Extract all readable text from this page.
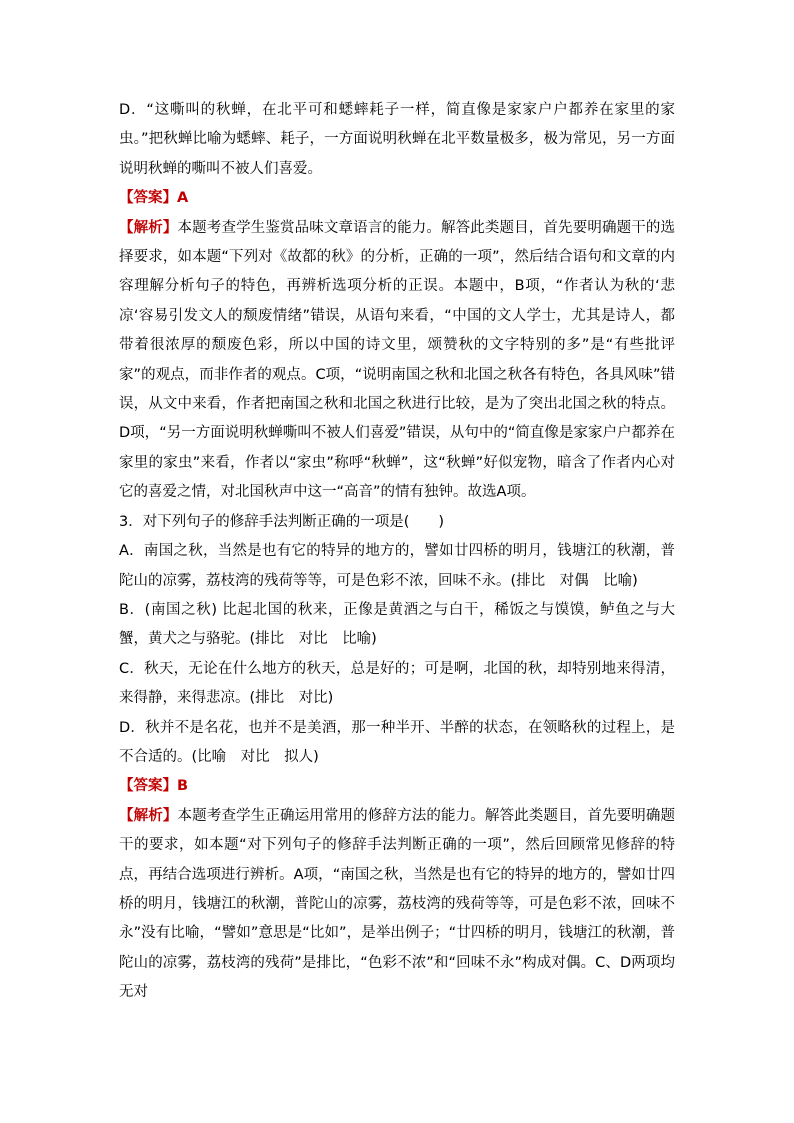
D．“这嘶叫的秋蝉，在北平可和蟋蟀耗子一样，简直像是家家户户都养在家里的家虫。”把秋蝉比喻为蟋蟀、耗子，一方面说明秋蝉在北平数量极多，极为常见，另一方面说明秋蝉的嘶叫不被人们喜爱。

【答案】A

【解析】本题考查学生鉴赏品味文章语言的能力。解答此类题目，首先要明确题干的选择要求，如本题“下列对《故都的秋》的分析，正确的一项”，然后结合语句和文章的内容理解分析句子的特色，再辨析选项分析的正误。本题中，B项，“作者认为秋的‘悲凉‘容易引发文人的颓废情绪”错误，从语句来看，“中国的文人学士，尤其是诗人，都带着很浓厚的颓废色彩，所以中国的诗文里，颂赞秋的文字特别的多”是“有些批评家”的观点，而非作者的观点。C项，“说明南国之秋和北国之秋各有特色，各具风味”错误，从文中来看，作者把南国之秋和北国之秋进行比较，是为了突出北国之秋的特点。D项，“另一方面说明秋蝉嘶叫不被人们喜爱”错误，从句中的“简直像是家家户户都养在家里的家虫”来看，作者以“家虫”称呼“秋蝉”，这“秋蝉”好似宠物，暗含了作者内心对它的喜爱之情，对北国秋声中这一“高音”的情有独钟。故选A项。

3．对下列句子的修辞手法判断正确的一项是(　　)

A．南国之秋，当然是也有它的特异的地方的，譬如廿四桥的明月，钱塘江的秋潮，普陀山的凉雾，荔枝湾的残荷等等，可是色彩不浓，回味不永。(排比　对偶　比喻)

B．(南国之秋) 比起北国的秋来，正像是黄酒之与白干，稀饭之与馍馍，鲈鱼之与大蟹，黄犬之与骆驼。(排比　对比　比喻)

C．秋天，无论在什么地方的秋天，总是好的；可是啊，北国的秋，却特别地来得清，来得静，来得悲凉。(排比　对比)

D．秋并不是名花，也并不是美酒，那一种半开、半醉的状态，在领略秋的过程上，是不合适的。(比喻　对比　拟人)

【答案】B

【解析】本题考查学生正确运用常用的修辞方法的能力。解答此类题目，首先要明确题干的要求，如本题“对下列句子的修辞手法判断正确的一项”，然后回顾常见修辞的特点，再结合选项进行辨析。A项，“南国之秋，当然是也有它的特异的地方的，譬如廿四桥的明月，钱塘江的秋潮，普陀山的凉雾，荔枝湾的残荷等等，可是色彩不浓，回味不永”没有比喻，“譬如”意思是“比如”，是举出例子；“廿四桥的明月，钱塘江的秋潮，普陀山的凉雾，荔枝湾的残荷”是排比，“色彩不浓”和“回味不永”构成对偶。C、D两项均无对
